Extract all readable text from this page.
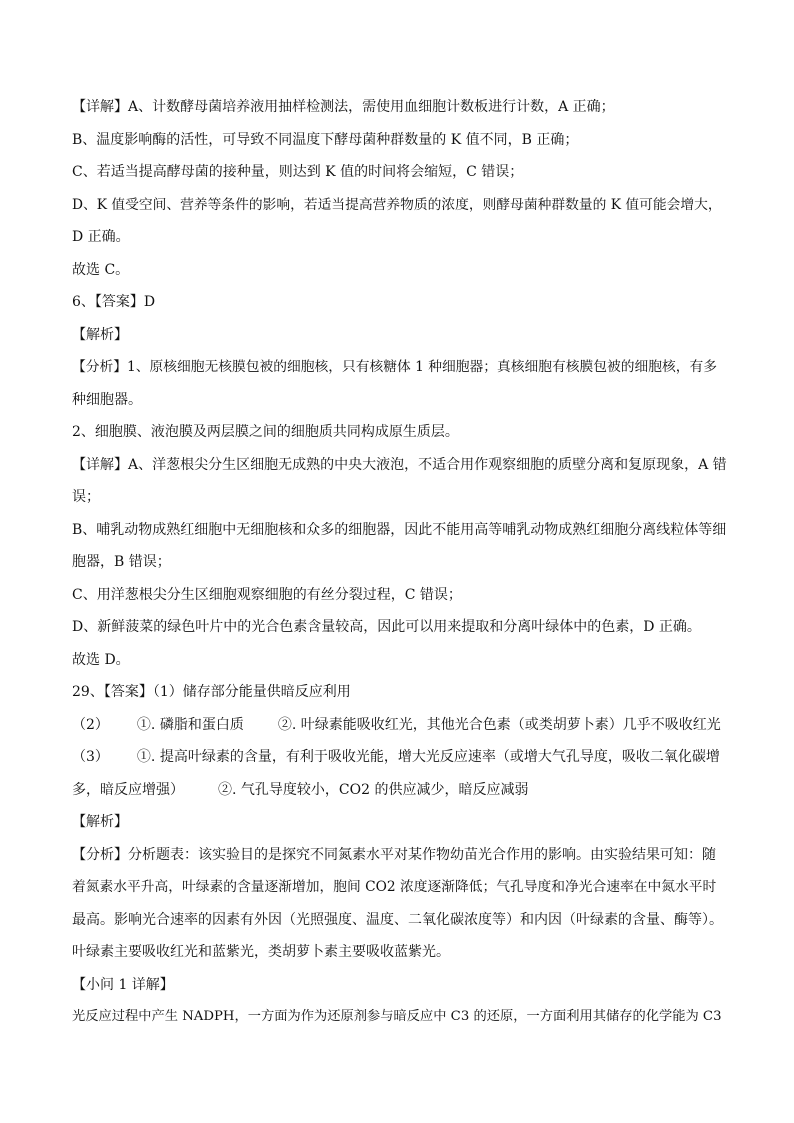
【详解】A、计数酵母菌培养液用抽样检测法，需使用血细胞计数板进行计数，A 正确；

B、温度影响酶的活性，可导致不同温度下酵母菌种群数量的 K 值不同，B 正确；

C、若适当提高酵母菌的接种量，则达到 K 值的时间将会缩短，C 错误；

D、K 值受空间、营养等条件的影响，若适当提高营养物质的浓度，则酵母菌种群数量的 K 值可能会增大，

D 正确。

故选 C。

6、【答案】D

【解析】

【分析】1、原核细胞无核膜包被的细胞核，只有核糖体 1 种细胞器；真核细胞有核膜包被的细胞核，有多

种细胞器。

2、细胞膜、液泡膜及两层膜之间的细胞质共同构成原生质层。

【详解】A、洋葱根尖分生区细胞无成熟的中央大液泡，不适合用作观察细胞的质壁分离和复原现象，A 错

误；

B、哺乳动物成熟红细胞中无细胞核和众多的细胞器，因此不能用高等哺乳动物成熟红细胞分离线粒体等细

胞器，B 错误；

C、用洋葱根尖分生区细胞观察细胞的有丝分裂过程，C 错误；

D、新鲜菠菜的绿色叶片中的光合色素含量较高，因此可以用来提取和分离叶绿体中的色素，D 正确。

故选 D。

29、【答案】（1）储存部分能量供暗反应利用

（2） ①. 磷脂和蛋白质 ②. 叶绿素能吸收红光，其他光合色素（或类胡萝卜素）几乎不吸收红光

（3） ①. 提高叶绿素的含量，有利于吸收光能，增大光反应速率（或增大气孔导度，吸收二氧化碳增

多，暗反应增强） ②. 气孔导度较小，CO2 的供应减少，暗反应减弱

【解析】

【分析】分析题表：该实验目的是探究不同氮素水平对某作物幼苗光合作用的影响。由实验结果可知：随

着氮素水平升高，叶绿素的含量逐渐增加，胞间 CO2 浓度逐渐降低；气孔导度和净光合速率在中氮水平时

最高。影响光合速率的因素有外因（光照强度、温度、二氧化碳浓度等）和内因（叶绿素的含量、酶等）。

叶绿素主要吸收红光和蓝紫光，类胡萝卜素主要吸收蓝紫光。

【小问 1 详解】

光反应过程中产生 NADPH，一方面为作为还原剂参与暗反应中 C3 的还原，一方面利用其储存的化学能为 C3
